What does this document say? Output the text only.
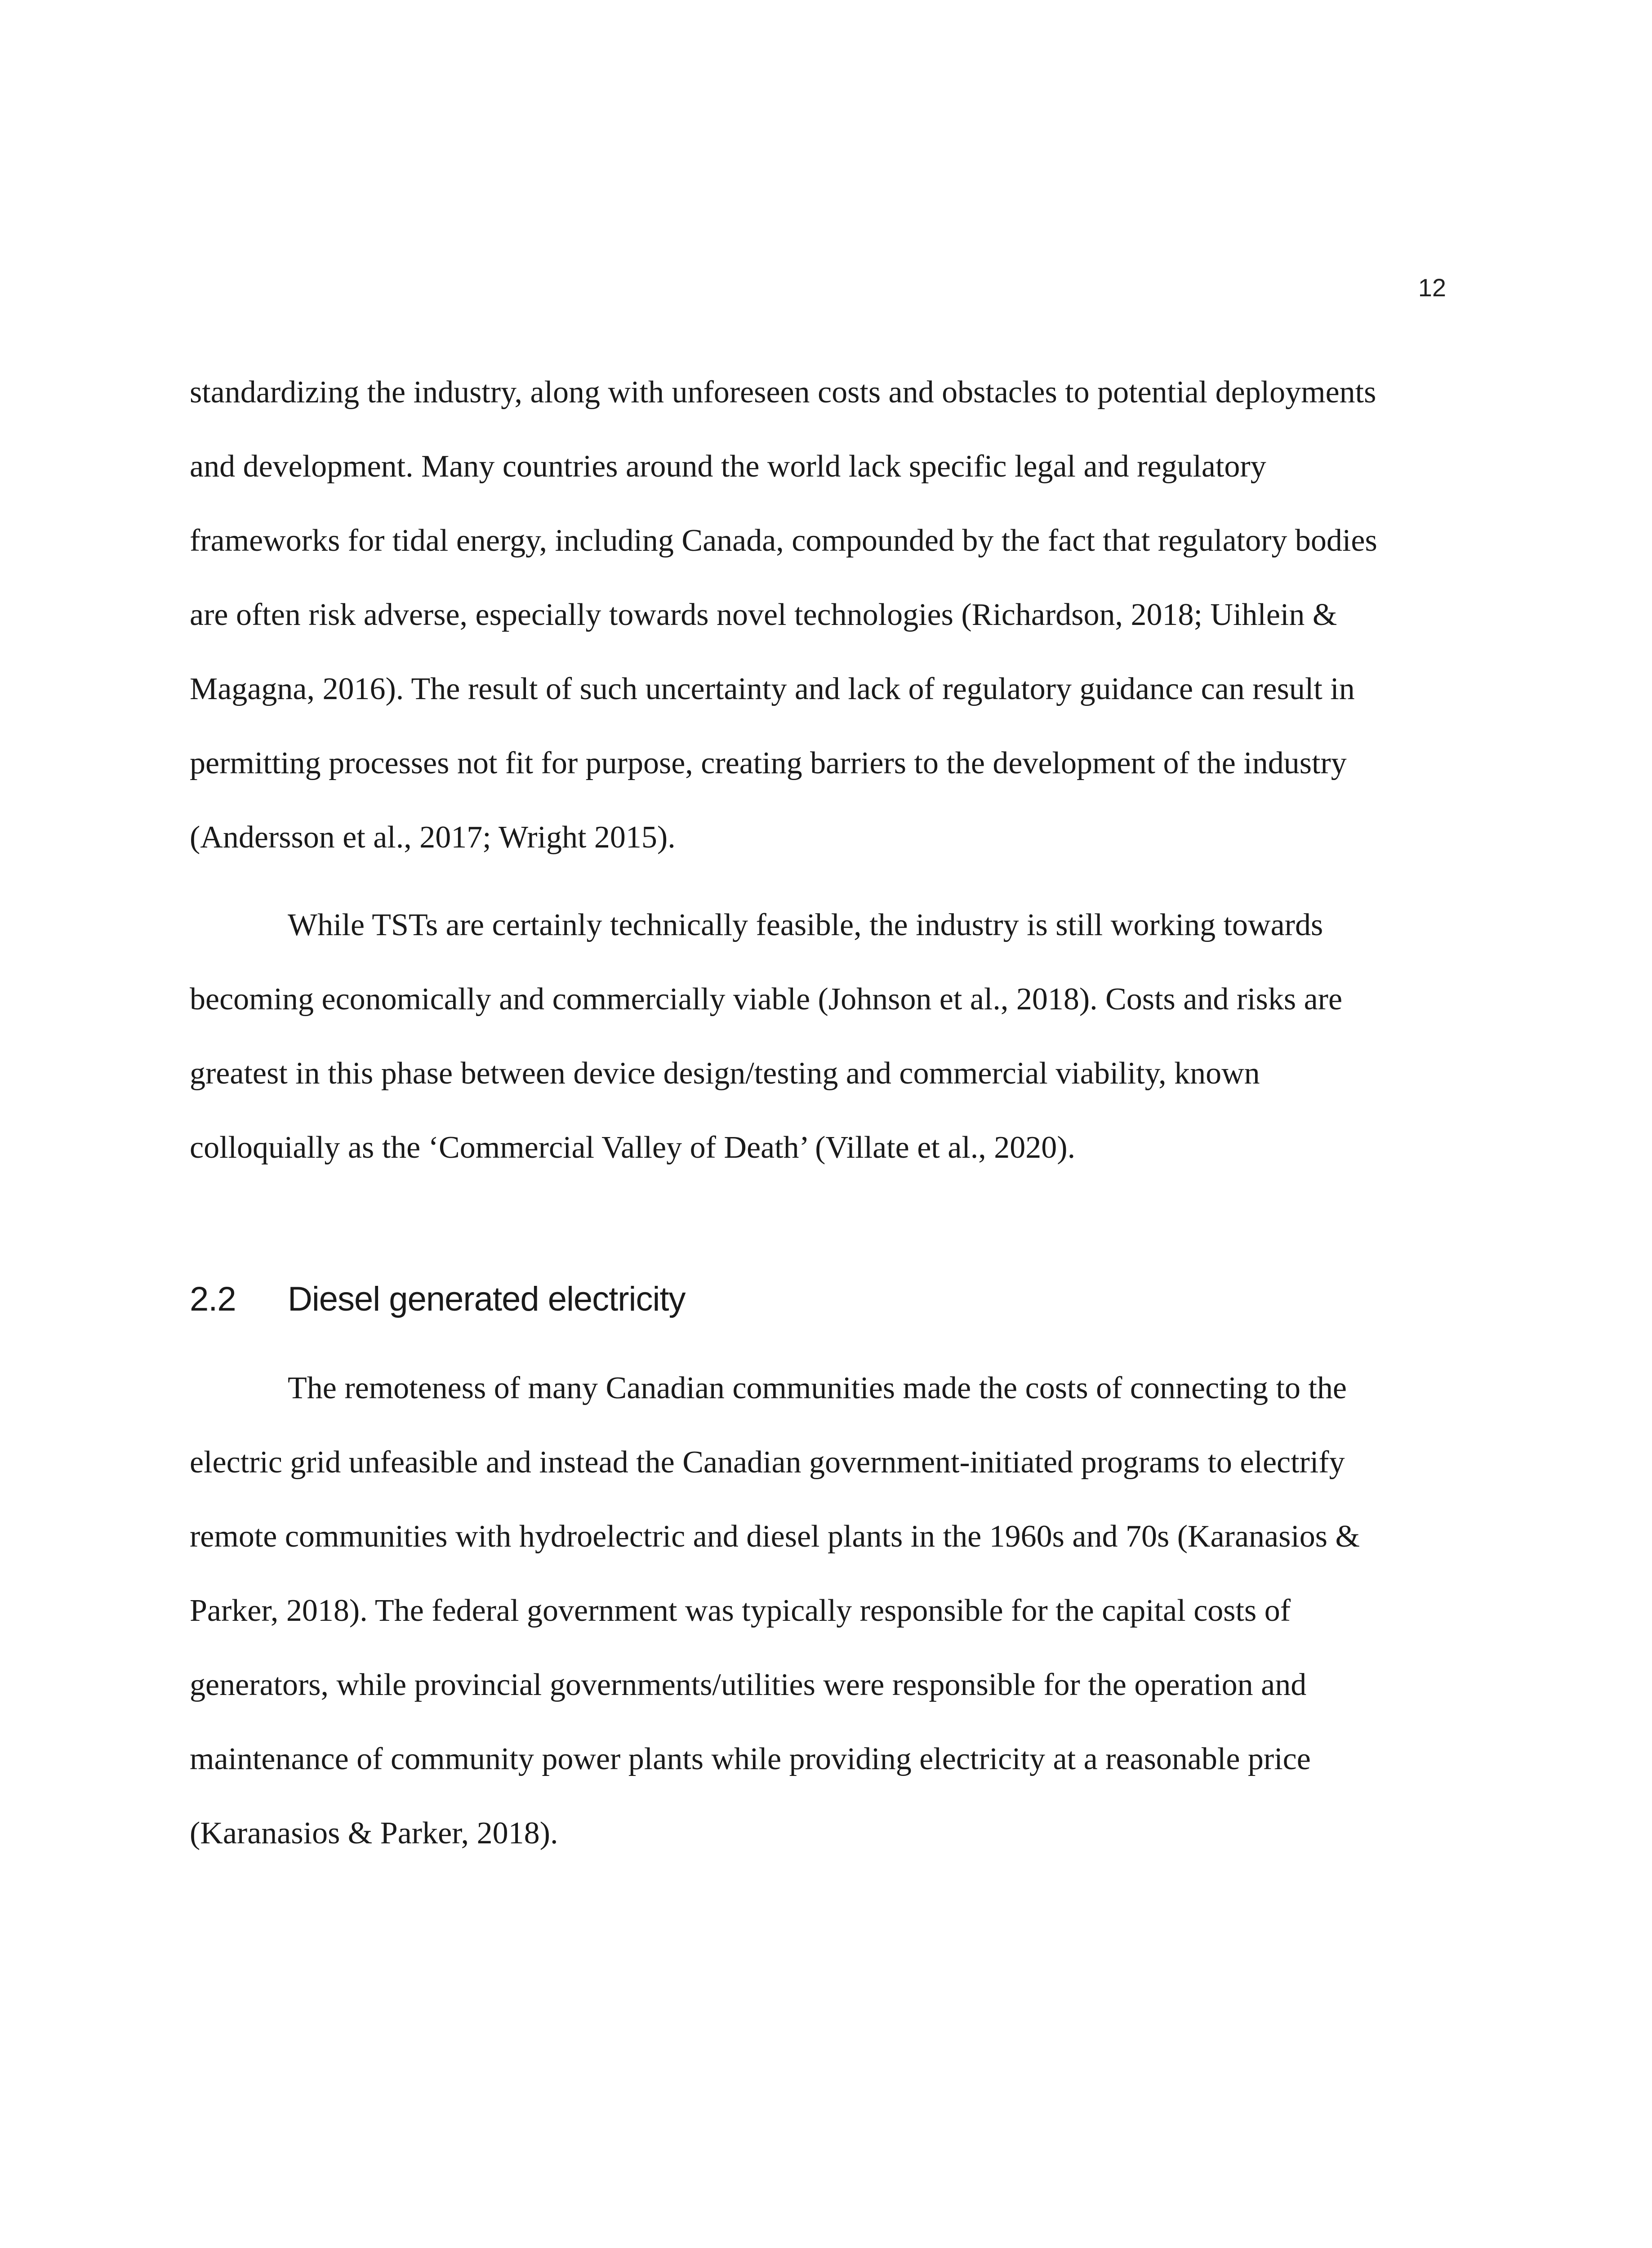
12

standardizing the industry, along with unforeseen costs and obstacles to potential deployments
and development. Many countries around the world lack specific legal and regulatory
frameworks for tidal energy, including Canada, compounded by the fact that regulatory bodies
are often risk adverse, especially towards novel technologies (Richardson, 2018; Uihlein &
Magagna, 2016). The result of such uncertainty and lack of regulatory guidance can result in
permitting processes not fit for purpose, creating barriers to the development of the industry
(Andersson et al., 2017; Wright 2015).

While TSTs are certainly technically feasible, the industry is still working towards
becoming economically and commercially viable (Johnson et al., 2018). Costs and risks are
greatest in this phase between device design/testing and commercial viability, known
colloquially as the ‘Commercial Valley of Death’ (Villate et al., 2020).

2.2 Diesel generated electricity

The remoteness of many Canadian communities made the costs of connecting to the
electric grid unfeasible and instead the Canadian government-initiated programs to electrify
remote communities with hydroelectric and diesel plants in the 1960s and 70s (Karanasios &
Parker, 2018). The federal government was typically responsible for the capital costs of
generators, while provincial governments/utilities were responsible for the operation and
maintenance of community power plants while providing electricity at a reasonable price
(Karanasios & Parker, 2018).
